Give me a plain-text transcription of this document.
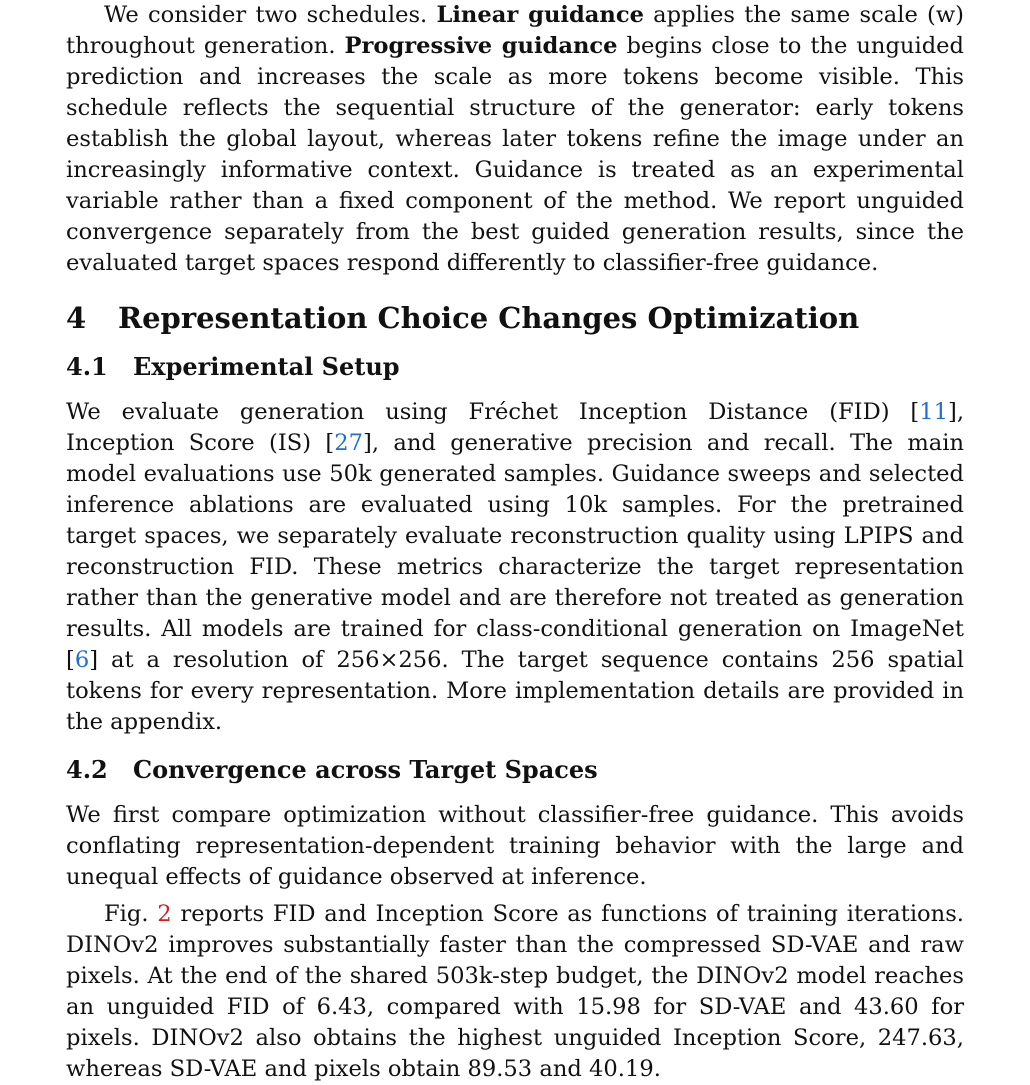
We consider two schedules. Linear guidance applies the same scale (w) throughout generation. Progressive guidance begins close to the unguided prediction and increases the scale as more tokens become visible. This schedule reflects the sequential structure of the generator: early tokens establish the global layout, whereas later tokens refine the image under an increasingly informative context. Guidance is treated as an experimental variable rather than a fixed component of the method. We report unguided convergence separately from the best guided generation results, since the evaluated target spaces respond differently to classifier-free guidance.

4 Representation Choice Changes Optimization
4.1 Experimental Setup

We evaluate generation using Fréchet Inception Distance (FID) [11], Inception Score (IS) [27], and generative precision and recall. The main model evaluations use 50k generated samples. Guidance sweeps and selected inference ablations are evaluated using 10k samples. For the pretrained target spaces, we separately evaluate reconstruction quality using LPIPS and reconstruction FID. These metrics characterize the target representation rather than the generative model and are therefore not treated as generation results. All models are trained for class-conditional generation on ImageNet [6] at a resolution of 256×256. The target sequence contains 256 spatial tokens for every representation. More implementation details are provided in the appendix.

4.2 Convergence across Target Spaces

We first compare optimization without classifier-free guidance. This avoids conflating representation-dependent training behavior with the large and unequal effects of guidance observed at inference.

Fig. 2 reports FID and Inception Score as functions of training iterations. DINOv2 improves substantially faster than the compressed SD-VAE and raw pixels. At the end of the shared 503k-step budget, the DINOv2 model reaches an unguided FID of 6.43, compared with 15.98 for SD-VAE and 43.60 for pixels. DINOv2 also obtains the highest unguided Inception Score, 247.63, whereas SD-VAE and pixels obtain 89.53 and 40.19.
